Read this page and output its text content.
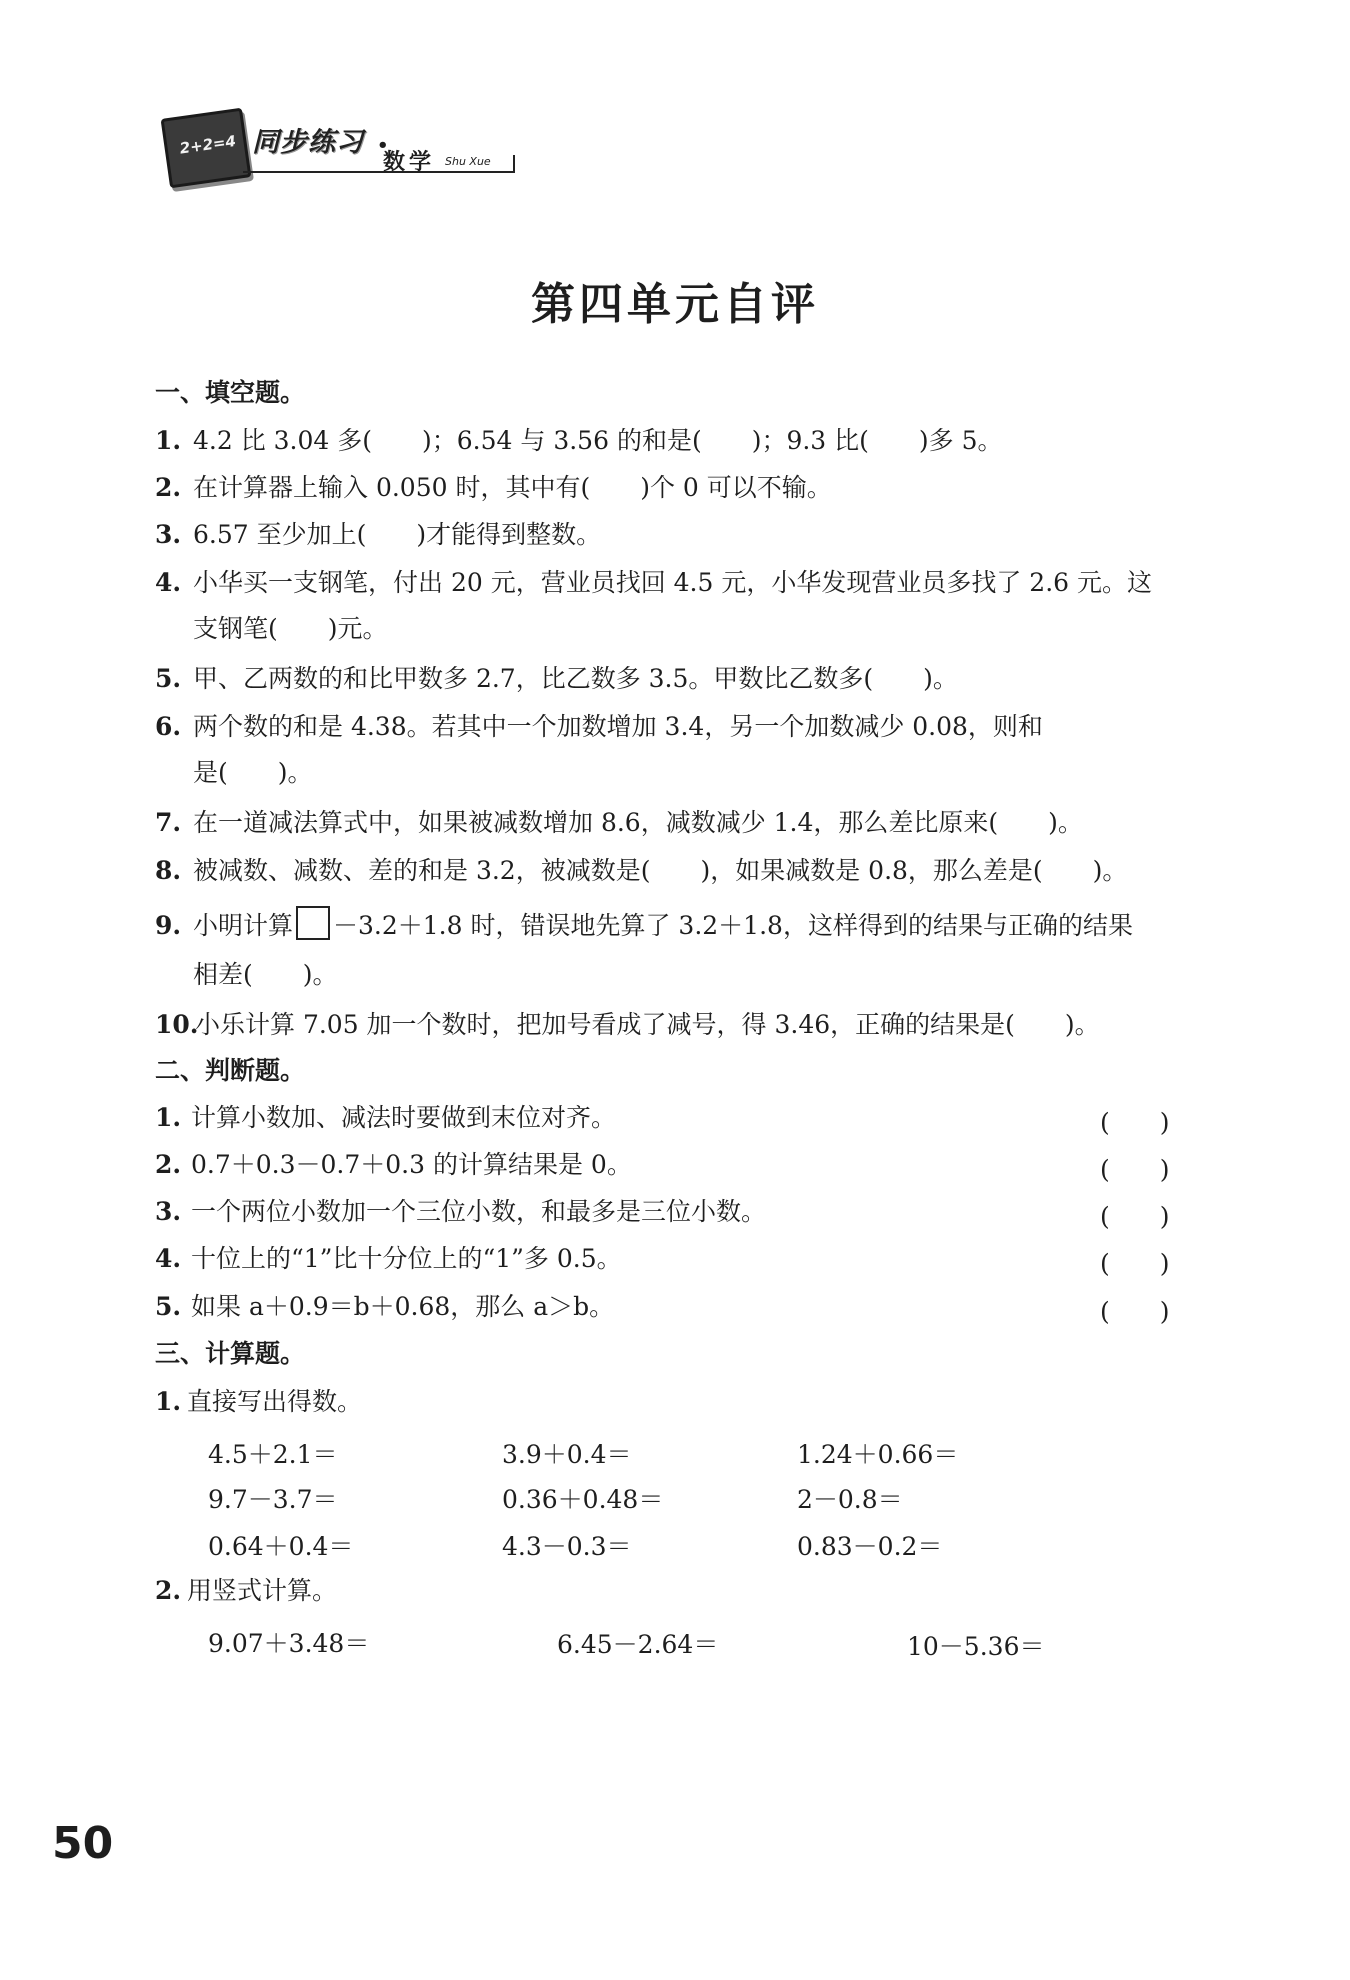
2+2=4 同步练习 •
数学 Shu Xue
第四单元自评
一、填空题。
1. 4.2 比 3.04 多(　　)；6.54 与 3.56 的和是(　　)；9.3 比(　　)多 5。
2. 在计算器上输入 0.050 时，其中有(　　)个 0 可以不输。
3. 6.57 至少加上(　　)才能得到整数。
4. 小华买一支钢笔，付出 20 元，营业员找回 4.5 元，小华发现营业员多找了 2.6 元。这
支钢笔(　　)元。
5. 甲、乙两数的和比甲数多 2.7，比乙数多 3.5。甲数比乙数多(　　)。
6. 两个数的和是 4.38。若其中一个加数增加 3.4，另一个加数减少 0.08，则和
是(　　)。
7. 在一道减法算式中，如果被减数增加 8.6，减数减少 1.4，那么差比原来(　　)。
8. 被减数、减数、差的和是 3.2，被减数是(　　)，如果减数是 0.8，那么差是(　　)。
9. 小明计算 －3.2＋1.8 时，错误地先算了 3.2＋1.8，这样得到的结果与正确的结果
相差(　　)。
10.小乐计算 7.05 加一个数时，把加号看成了减号，得 3.46，正确的结果是(　　)。
二、判断题。
1. 计算小数加、减法时要做到末位对齐。	(　　)
2. 0.7＋0.3－0.7＋0.3 的计算结果是 0。	(　　)
3. 一个两位小数加一个三位小数，和最多是三位小数。	(　　)
4. 十位上的“1”比十分位上的“1”多 0.5。	(　　)
5. 如果 a＋0.9＝b＋0.68，那么 a＞b。	(　　)
三、计算题。
1. 直接写出得数。
4.5＋2.1＝	3.9＋0.4＝	1.24＋0.66＝
9.7－3.7＝	0.36＋0.48＝	2－0.8＝
0.64＋0.4＝	4.3－0.3＝	0.83－0.2＝
2. 用竖式计算。
9.07＋3.48＝	6.45－2.64＝	10－5.36＝
50
